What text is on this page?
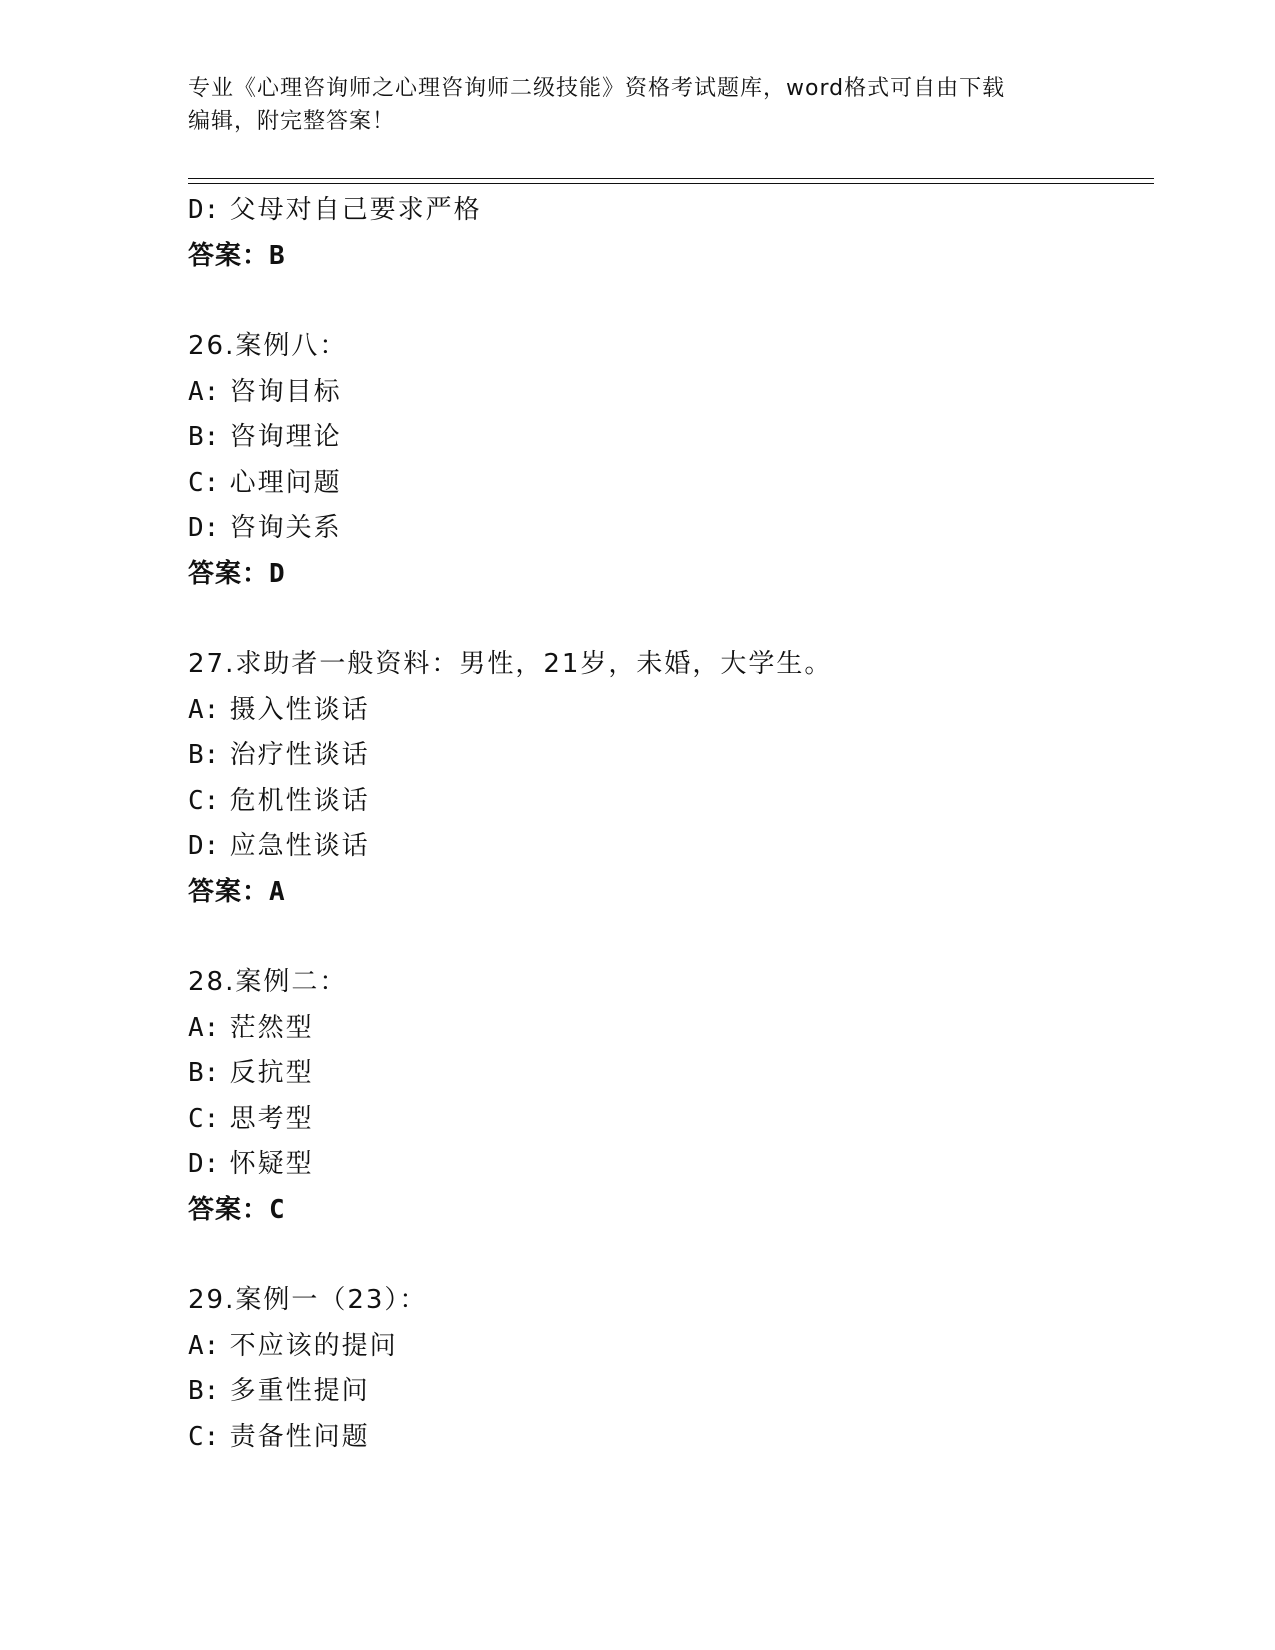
专业《心理咨询师之心理咨询师二级技能》资格考试题库，word格式可自由下载
编辑，附完整答案！
D: 父母对自己要求严格
答案：B
26.案例八：
A: 咨询目标
B: 咨询理论
C: 心理问题
D: 咨询关系
答案：D
27.求助者一般资料：男性，21岁，未婚，大学生。
A: 摄入性谈话
B: 治疗性谈话
C: 危机性谈话
D: 应急性谈话
答案：A
28.案例二：
A: 茫然型
B: 反抗型
C: 思考型
D: 怀疑型
答案：C
29.案例一（23）：
A: 不应该的提问
B: 多重性提问
C: 责备性问题
